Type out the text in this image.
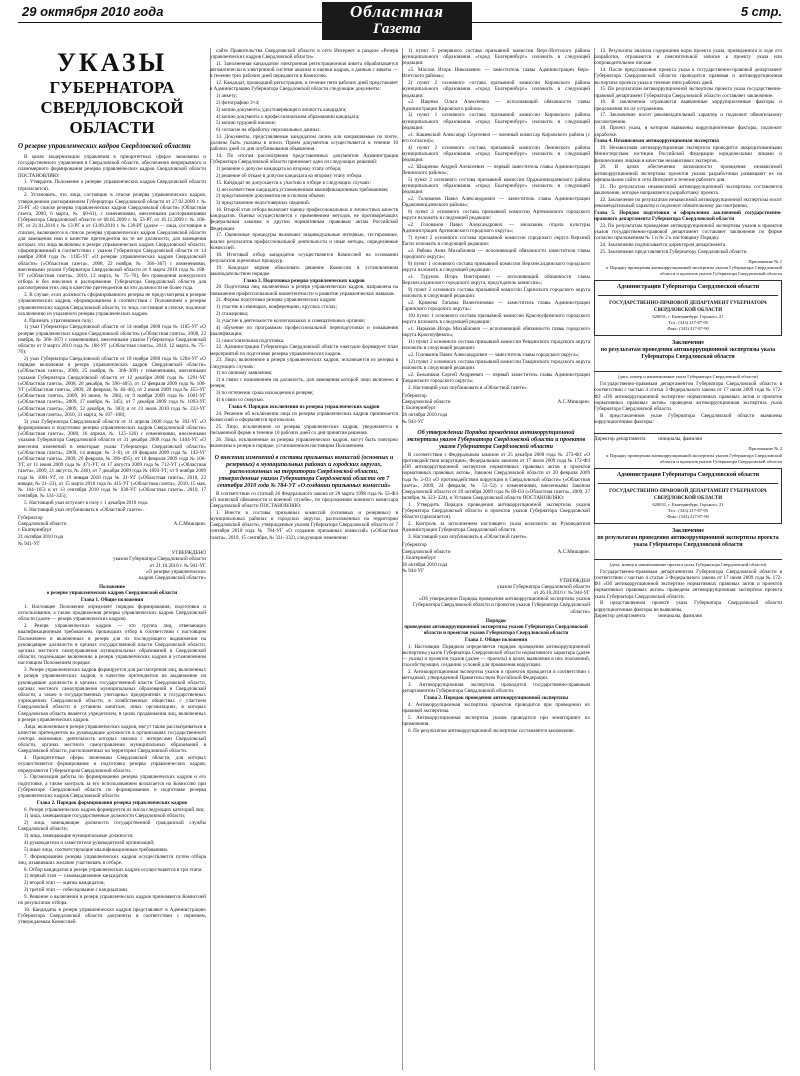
29 октября 2010 года	Областная
Газета
5 стр.
УКАЗЫ
ГУБЕРНАТОРА
СВЕРДЛОВСКОЙ ОБЛАСТИ

О резерве управленческих кадров Свердловской области

В целях модернизации управления в приоритетных сферах экономики и государственного управления в Свердловской области, обеспечения непрерывного и планомерного формирования резерва управленческих кадров Свердловской области ПОСТАНОВЛЯЮ:

1. Утвердить Положение о резерве управленческих кадров Свердловской области (прилагается).

2. Установить, что лица, состоящие в списке резерва управленческих кадров, утвержденном распоряжением Губернатора Свердловской области от 27.02.2009 г. № 25-РГ «О списке резерва управленческих кадров Свердловской области» (Областная газета, 2009, 6 марта, № 60-61), с изменениями, внесенными распоряжениями Губернатора Свердловской области от 08.05.2009 г. № 53-РГ, от 16.11.2009 г. № 166-РГ, от 21.01.2010 г. № 13-РГ и от 13.09.2010 г. № 139-РГ (далее — лица, состоящие в списке), включаются в список резерва управленческих кадров Свердловской области для замещения ими в качестве претендентов на те же должности, для замещения которых эти лица включены в резерв управленческих кадров Свердловской области, сформированный в соответствии с указом Губернатора Свердловской области от 14 ноября 2008 года № 1185-УГ «О резерве управленческих кадров Свердловской области» («Областная газета», 2008, 22 ноября, № 366–367) с изменениями, внесенными указом Губернатора Свердловской области от 9 марта 2010 года № 188-УГ («Областная газета», 2010, 12 марта, № 75–76), без проведения конкурсного отбора и без внесения в распоряжение Губернатора Свердловской области для рассмотрения этих лиц в качестве претендентов на эти должности не более года.

3. В случае, если должность сформированного резерва не предусмотрена в резерве управленческих кадров, сформированном в соответствии с Положением о резерве управленческих кадров Свердловской области, то лица, состоящие в списке, подлежат исключению из указанного резерва управленческих кадров.

4. Признать утратившими силу:

1) указ Губернатора Свердловской области от 14 ноября 2008 года № 1185-УГ «О резерве управленческих кадров Свердловской области» («Областная газета», 2008, 22 ноября, № 366–367) с изменениями, внесенными указом Губернатора Свердловской области от 9 марта 2010 года № 188-УГ («Областная газета», 2010, 12 марта, № 75–76);

2) указ Губернатора Свердловской области от 18 ноября 2008 года № 1204-УГ «О порядке включения в резерв управленческих кадров Свердловской области» («Областная газета», 2008, 25 ноября, № 368–369) с изменениями, внесенными указами Губернатора Свердловской области от 12 декабря 2008 года № 1291-УГ («Областная газета», 2008, 20 декабря, № 396–405), от 12 февраля 2009 года № 100-УГ («Областная газета», 2009, 20 февраля, № 46–46), от 2 июня 2009 года № 455-УГ («Областная газета», 2009, 30 июня, № 206), от 9 ноября 2009 года № 1001-УГ («Областная газета», 2009, 17 ноября, № 345), от 7 декабря 2009 года № 1093-УГ («Областная газета», 2009, 12 декабря, № 383) и от 23 июля 2010 года № 233-УГ («Областная газета», 2010, 31 марта, № 107–108);

3) указ Губернатора Свердловской области от 11 апреля 2008 года № 392-УГ «О формировании и подготовке резерва управленческих кадров Свердловской области» («Областная газета», 2008, 16 апреля, № 125–126) с изменениями, внесенными указами Губернатора Свердловской области от 31 декабря 2008 года № 1404-УГ «О внесении изменений в некоторые указы Губернатора Свердловской области» («Областная газета», 2009, 14 января, № 3–8), от 18 февраля 2009 года № 143-УГ («Областная газета», 2009, 20 февраля, № 396–495), от 10 февраля 2009 года № 100-УГ, от 11 июня 2009 года № 471-УГ, от 17 августа 2009 года № 712-УГ («Областная газета», 2009, 21 августа, № 246), от 7 декабря 2009 года № 1093-УГ, от 9 ноября 2009 года № 1001-УГ, от 19 января 2010 года № 21-УГ («Областная газета», 2010, 22 января, № 21–23), от 15 марта 2010 года № 415-УГ («Областная газета», 2010, 15 мая, № 164–165) и от 13 сентября 2010 года № 838-УГ («Областная газета», 2010, 17 сентября, № 334–335);

5. Настоящий указ вступает в силу с 1 декабря 2010 года.

6. Настоящий указ опубликовать в «Областной газете».

Губернатор
Свердловской области	А.С.Мишарин.

г. Екатеринбург

21 октября 2010 года

№ 941-УГ

УТВЕРЖДЕНО
указом Губернатора Свердловской области
от 21.10.2010 г. № 941-УГ
«О резерве управленческих
кадров Свердловской области»

Положение
о резерве управленческих кадров Свердловской области

Глава 1. Общие положения

1. Настоящее Положение определяет порядок формирования, подготовки и использования, а также продвижения резерва управленческих кадров Свердловской области (далее — резерв управленческих кадров).

2. Резерв управленческих кадров — это группа лиц, отвечающих квалификационным требованиям, прошедших отбор в соответствии с настоящим Положением и включенных в резерв для их последующего выдвижения на руководящие должности в органах государственной власти Свердловской области, органах местного самоуправления муниципальных образований в Свердловской области, подлежащие включению в резерв управленческих кадров в установленном настоящим Положением порядке.

3. Резерв управленческих кадров формируется для рассмотрения лиц, включенных в резерв управленческих кадров, в качестве претендентов на выдвижение на руководящие должности в органах государственной власти Свердловской области, органах местного самоуправления муниципальных образований в Свердловской области, а также в государственных унитарных предприятиях и государственных учреждениях Свердловской области, в хозяйственных обществах с участием Свердловской области в уставном капитале, иных организациях, в которых Свердловская область является учредителем, в целях продвижения лиц, включенных в резерв управленческих кадров.

Лица, включенные в резерв управленческих кадров, могут также рассматриваться в качестве претендентов на руководящие должности в организациях государственного сектора экономики, деятельность которых связана с интересами Свердловской области, органах местного самоуправления муниципальных образований в Свердловской области, расположенных на территории Свердловской области.

4. Приоритетные сферы экономики Свердловской области, для которых осуществляется формирование и подготовка резерва управленческих кадров, определяются Губернатором Свердловской области.

5. Организация работы по формированию резерва управленческих кадров и его подготовке, а также контроль за его использованием возлагается на Комиссию при Губернаторе Свердловской области по формированию и подготовке резерва управленческих кадров Свердловской области.

Глава 2. Порядок формирования резерва управленческих кадров

6. Резерв управленческих кадров формируется из числа следующих категорий лиц:

1) лица, замещающие государственные должности Свердловской области;

2) лица, замещающие должности государственной гражданской службы Свердловской области;

3) лица, замещающие муниципальные должности;

4) руководители и заместители руководителей организаций;

5) иные лица, соответствующие квалификационным требованиям.

7. Формирование резерва управленческих кадров осуществляется путем отбора лиц, изъявивших желание участвовать в отборе.

8. Отбор кандидатов в резерв управленческих кадров осуществляется в три этапа:

1) первый этап — самовыдвижение кандидатов;

2) второй этап — оценка кандидатов;

3) третий этап — собеседование с кандидатами.

9. Решение о включении в резерв управленческих кадров принимается Комиссией по результатам отбора.

10. Кандидаты в резерв управленческих кадров представляют в Администрацию Губернатора Свердловской области документы в соответствии с перечнем, утверждаемым Комиссией.

сайте Правительства Свердловской области в сети Интернет в разделе «Резерв управленческих кадров Свердловской области».

11. Заполненная кандидатом электронная регистрационная анкета обрабатывается автоматически в электронной системе анализа и оценки кадров, а данные с анкеты — в течение трех рабочих дней передаются в Комиссию.

12. Кандидат, прошедший регистрацию, в течение пяти рабочих дней представляет в Администрацию Губернатора Свердловской области следующие документы:

1) анкету;

2) фотографию 3×4;

3) копию документа, удостоверяющего личность кандидата;

4) копию документа о профессиональном образовании кандидата;

5) копию трудовой книжки;

6) согласие на обработку персональных данных.

13. Документы, представляемые кандидатом лично или направляемые по почте, должны быть указаны в описи. Прием документов осуществляется в течение 10 рабочих дней со дня опубликования объявления.

14. По итогам рассмотрения представленных документов Администрация Губернатора Свердловской области принимает одно из следующих решений:

1) решение о допуске кандидата ко второму этапу отбора;

2) решение об отказе в допуске кандидата ко второму этапу отбора.

15. Кандидат не допускается к участию в отборе в следующих случаях:

1) несоответствие кандидата установленным квалификационным требованиям;

2) представление документов не в полном объеме;

3) представление недостоверных сведений.

16. Второй этап отбора включает оценку профессиональных и личностных качеств кандидатов. Оценка осуществляется с применением методов, не противоречащих федеральным законам и другим нормативным правовым актам Российской Федерации.

17. Оценочные процедуры включают индивидуальные интервью, тестирование, анализ результатов профессиональной деятельности и иные методы, определяемые Комиссией.

18. Итоговый отбор кандидатов осуществляется Комиссией на основании результатов оценочных процедур.

19. Кандидат вправе обжаловать решение Комиссии в установленном законодательством порядке.

Глава 3. Подготовка резерва управленческих кадров

20. Подготовка лиц, включенных в резерв управленческих кадров, направлена на повышение профессиональной компетентности и развитие управленческих навыков.

21. Формы подготовки резерва управленческих кадров:

1) участие в семинарах, конференциях, круглых столах;

2) стажировка;

3) участие в деятельности коллегиальных и совещательных органов;

4) обучение по программам профессиональной переподготовки и повышения квалификации;

5) самостоятельная подготовка.

22. Администрация Губернатора Свердловской области ежегодно формирует план мероприятий по подготовке резерва управленческих кадров.

23. Лицо, включенное в резерв управленческих кадров, исключается из резерва в следующих случаях:

1) по личному заявлению;

2) в связи с назначением на должность, для замещения которой лицо включено в резерв;

3) по истечении срока нахождения в резерве;

4) в связи со смертью.

Глава 4. Порядок исключения из резерва управленческих кадров

24. Решение об исключении лица из резерва управленческих кадров принимается Комиссией и оформляется протоколом.

25. Лицо, исключенное из резерва управленческих кадров, уведомляется в письменной форме в течение 10 рабочих дней со дня принятия решения.

26. Лица, исключенные из резерва управленческих кадров, могут быть повторно включены в резерв в порядке, установленном настоящим Положением.

О внесении изменений в составы призывных комиссий (основных и резервных) в муниципальных районах и городских округах, расположенных на территории Свердловской области, утвержденные указом Губернатора Свердловской области от 7 сентября 2010 года № 784-УГ «О создании призывных комиссий»

В соответствии со статьей 26 Федерального закона от 28 марта 1998 года № 53-ФЗ «О воинской обязанности и военной службе», по предложению военного комиссара Свердловской области ПОСТАНОВЛЯЮ:

1. Внести в составы призывных комиссий (основных и резервных) в муниципальных районах и городских округах, расположенных на территории Свердловской области, утвержденные указом Губернатора Свердловской области от 7 сентября 2010 года № 784-УГ «О создании призывных комиссий» («Областная газета», 2010, 15 сентября, № 331–332), следующие изменения:

1) пункт 5 резервного состава призывной комиссии Верх-Исетского района муниципального образования «город Екатеринбург» изложить в следующей редакции:

«5. Маслов Игорь Николаевич — заместитель главы Администрации Верх-Исетского района»;

2) пункт 2 основного состава призывной комиссии Кировского района муниципального образования «город Екатеринбург» изложить в следующей редакции:

«2. Ищенко Ольга Алексеевна — исполняющий обязанности главы Администрации Кировского района»;

3) пункт 1 основного состава призывной комиссии Кировского района муниципального образования «город Екатеринбург» изложить в следующей редакции:

«1. Кашевский Александр Сергеевич — военный комиссар Кировского района (с его согласия)»;

4) пункт 2 основного состава призывной комиссии Ленинского района муниципального образования «город Екатеринбург» изложить в следующей редакции:

«2. Шкаренко Андрей Алексеевич — первый заместитель главы Администрации Ленинского района»;

5) пункт 2 основного состава призывной комиссии Орджоникидзевского района муниципального образования «город Екатеринбург» изложить в следующей редакции:

«2. Голованов Павел Александрович — заместитель главы Администрации Орджоникидзевского района»;

6) пункт 2 основного состава призывной комиссии Артемовского городского округа изложить в следующей редакции:

«2. Голованов Павел Александрович — начальник отдела культуры Администрации Артемовского городского округа»;

7) пункт 2 основного состава призывной комиссии городского округа Верхний Тагил изложить в следующей редакции:

«2. Рябова Анна Михайловна — исполняющий обязанности заместителя главы городского округа»;

8) пункт 1 основного состава призывной комиссии Верхнесалдинского городского округа изложить в следующей редакции:

«1. Турунов Игорь Викторович — исполняющий обязанности главы Верхнесалдинского городского округа, председатель комиссии»;

9) пункт 2 основного состава призывной комиссии Гаринского городского округа изложить в следующей редакции:

«2. Кряжева Татьяна Валентиновна — заместитель главы Администрации Гаринского городского округа»;

10) пункт 1 основного состава призывной комиссии Красноуфимского городского округа изложить в следующей редакции:

«1. Нарыков Игорь Михайлович — исполняющий обязанности главы городского округа Красноуфимск»;

11) пункт 2 основного состава призывной комиссии Ревдинского городского округа изложить в следующей редакции:

«2. Голованов Павел Александрович — заместитель главы городского округа»;

12) пункт 2 основного состава призывной комиссии Тавдинского городского округа изложить в следующей редакции:

«2. Бельников Сергей Андреевич — первый заместитель главы Администрации Тавдинского городского округа»;

2. Настоящий указ опубликовать в «Областной газете».

Губернатор
Свердловской области	А.С.Мишарин.

г. Екатеринбург

26 октября 2010 года

№ 943-УГ

Об утверждении Порядка проведения антикоррупционной экспертизы указов Губернатора Свердловской области и проектов указов Губернатора Свердловской области

В соответствии с Федеральным законом от 25 декабря 2008 года № 273-ФЗ «О противодействии коррупции», Федеральным законом от 17 июля 2009 года № 172-ФЗ «Об антикоррупционной экспертизе нормативных правовых актов и проектов нормативных правовых актов», Законом Свердловской области от 20 февраля 2009 года № 2-ОЗ «О противодействии коррупции в Свердловской области» («Областная газета», 2009, 24 февраля, № 51–52) с изменениями, внесенными Законом Свердловской области от 20 октября 2009 года № 89-ОЗ («Областная газета», 2009, 27 октября, № 323–324), и Уставом Свердловской области ПОСТАНОВЛЯЮ:

1. Утвердить Порядок проведения антикоррупционной экспертизы указов Губернатора Свердловской области и проектов указов Губернатора Свердловской области (прилагается).

2. Контроль за исполнением настоящего указа возложить на Руководителя Администрации Губернатора Свердловской области.

3. Настоящий указ опубликовать в «Областной газете».

Губернатор
Свердловской области	А.С.Мишарин.

г. Екатеринбург

26 октября 2010 года

№ 944-УГ

УТВЕРЖДЕН
указом Губернатора Свердловской области
от 26.10.2010 г. № 944-УГ
«Об утверждении Порядка проведения антикоррупционной экспертизы указов Губернатора Свердловской области и проектов указов Губернатора Свердловской области»

Порядок
проведения антикоррупционной экспертизы указов Губернатора Свердловской области и проектов указов Губернатора Свердловской области

Глава 1. Общие положения

1. Настоящим Порядком определяется порядок проведения антикоррупционной экспертизы указов Губернатора Свердловской области нормативного характера (далее — указы) и проектов указов (далее — проекты) в целях выявления в них положений, способствующих созданию условий для проявления коррупции.

2. Антикоррупционная экспертиза указов и проектов проводится в соответствии с методикой, утвержденной Правительством Российской Федерации.

3. Антикоррупционная экспертиза проводится государственно-правовым департаментом Губернатора Свердловской области.

Глава 2. Порядок проведения антикоррупционной экспертизы

4. Антикоррупционная экспертиза проектов проводится при проведении их правовой экспертизы.

5. Антикоррупционная экспертиза указов проводится при мониторинге их применения.

6. По результатам антикоррупционной экспертизы составляется заключение.

13. Результаты анализа содержания норм проекта указа, проведенного в ходе его разработки, отражаются в пояснительной записке к проекту указа или сопроводительном письме.

14. После представления проекта указа в государственно-правовой департамент Губернатора Свердловской области проводится правовая и антикоррупционная экспертиза проекта указа в течение пяти рабочих дней.

15. По результатам антикоррупционной экспертизы проекта указа государственно-правовой департамент Губернатора Свердловской области составляет заключение.

16. В заключении отражаются выявленные коррупциогенные факторы и предложения по их устранению.

17. Заключение носит рекомендательный характер и подлежит обязательному рассмотрению.

18. Проект указа, в котором выявлены коррупциогенные факторы, подлежит доработке.

Глава 4. Независимая антикоррупционная экспертиза

19. Независимая антикоррупционная экспертиза проводится аккредитованными Министерством юстиции Российской Федерации юридическими лицами и физическими лицами в качестве независимых экспертов.

20. В целях обеспечения возможности проведения независимой антикоррупционной экспертизы проектов указов разработчики размещают их на официальном сайте в сети Интернет в течение рабочего дня.

21. По результатам независимой антикоррупционной экспертизы составляется заключение, которое направляется разработчику проекта.

22. Заключение по результатам независимой антикоррупционной экспертизы носит рекомендательный характер и подлежит обязательному рассмотрению.

Глава 5. Порядок подготовки и оформления заключений государственно-правового департамента Губернатора Свердловской области

23. По результатам проведения антикоррупционной экспертизы указов и проектов указов государственно-правовой департамент составляет заключение по форме согласно приложениям № 1 и № 2 к настоящему Порядку.

24. Заключение подписывается директором департамента.

25. Заключение представляется Губернатору Свердловской области.

Приложение № 1
к Порядку проведения антикоррупционной экспертизы указов Губернатора Свердловской области и проектов указов Губернатора Свердловской области

Администрация Губернатора Свердловской области
ГОСУДАРСТВЕННО-ПРАВОВОЙ ДЕПАРТАМЕНТ ГУБЕРНАТОРА СВЕРДЛОВСКОЙ ОБЛАСТИ
620031, г. Екатеринбург, Горького, 21
Тел.: (343) 217-87-95
Факс: (343) 217-87-90
Заключение
по результатам проведения антикоррупционной экспертизы указа Губернатора Свердловской области

(дата, номер и наименование указа Губернатора Свердловской области)

Государственно-правовым департаментом Губернатора Свердловской области в соответствии с частью 4 статьи 3 Федерального закона от 17 июля 2009 года № 172-ФЗ «Об антикоррупционной экспертизе нормативных правовых актов и проектов нормативных правовых актов» проведена антикоррупционная экспертиза указа Губернатора Свердловской области.

В представленном указе Губернатора Свердловской области выявлены коррупциогенные факторы:

Директор департамента          инициалы, фамилия

Приложение № 2
к Порядку проведения антикоррупционной экспертизы указов Губернатора Свердловской области и проектов указов Губернатора Свердловской области

Администрация Губернатора Свердловской области
ГОСУДАРСТВЕННО-ПРАВОВОЙ ДЕПАРТАМЕНТ ГУБЕРНАТОРА СВЕРДЛОВСКОЙ ОБЛАСТИ
620031, г. Екатеринбург, Горького, 21
Тел.: (343) 217-87-95
Факс: (343) 217-87-90
Заключение
по результатам проведения антикоррупционной экспертизы проекта указа Губернатора Свердловской области

(дата, номер и наименование проекта указа Губернатора Свердловской области)

Государственно-правовым департаментом Губернатора Свердловской области в соответствии с частью 4 статьи 3 Федерального закона от 17 июля 2009 года № 172-ФЗ «Об антикоррупционной экспертизе нормативных правовых актов и проектов нормативных правовых актов» проведена антикоррупционная экспертиза проекта указа Губернатора Свердловской области.

В представленном проекте указа Губернатора Свердловской области коррупциогенные факторы не выявлены.

Директор департамента          инициалы, фамилия
